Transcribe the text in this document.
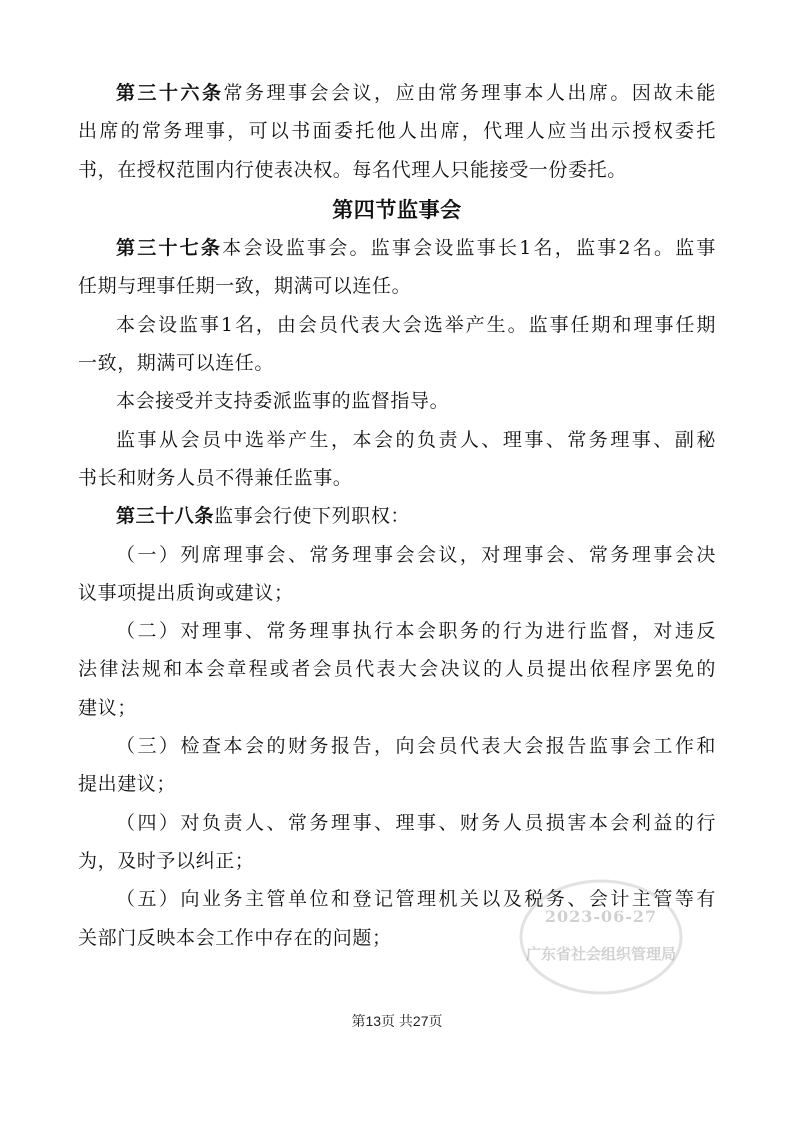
第三十六条常务理事会会议，应由常务理事本人出席。因故未能
出席的常务理事，可以书面委托他人出席，代理人应当出示授权委托
书，在授权范围内行使表决权。每名代理人只能接受一份委托。

第四节监事会

第三十七条本会设监事会。监事会设监事长1名，监事2名。监事
任期与理事任期一致，期满可以连任。

本会设监事1名，由会员代表大会选举产生。监事任期和理事任期
一致，期满可以连任。

本会接受并支持委派监事的监督指导。

监事从会员中选举产生，本会的负责人、理事、常务理事、副秘
书长和财务人员不得兼任监事。

第三十八条监事会行使下列职权：

（一）列席理事会、常务理事会会议，对理事会、常务理事会决
议事项提出质询或建议；

（二）对理事、常务理事执行本会职务的行为进行监督，对违反
法律法规和本会章程或者会员代表大会决议的人员提出依程序罢免的
建议；

（三）检查本会的财务报告，向会员代表大会报告监事会工作和
提出建议；

（四）对负责人、常务理事、理事、财务人员损害本会利益的行
为，及时予以纠正；

（五）向业务主管单位和登记管理机关以及税务、会计主管等有
关部门反映本会工作中存在的问题；

2023-06-27
广东省社会组织管理局
第13页 共27页
